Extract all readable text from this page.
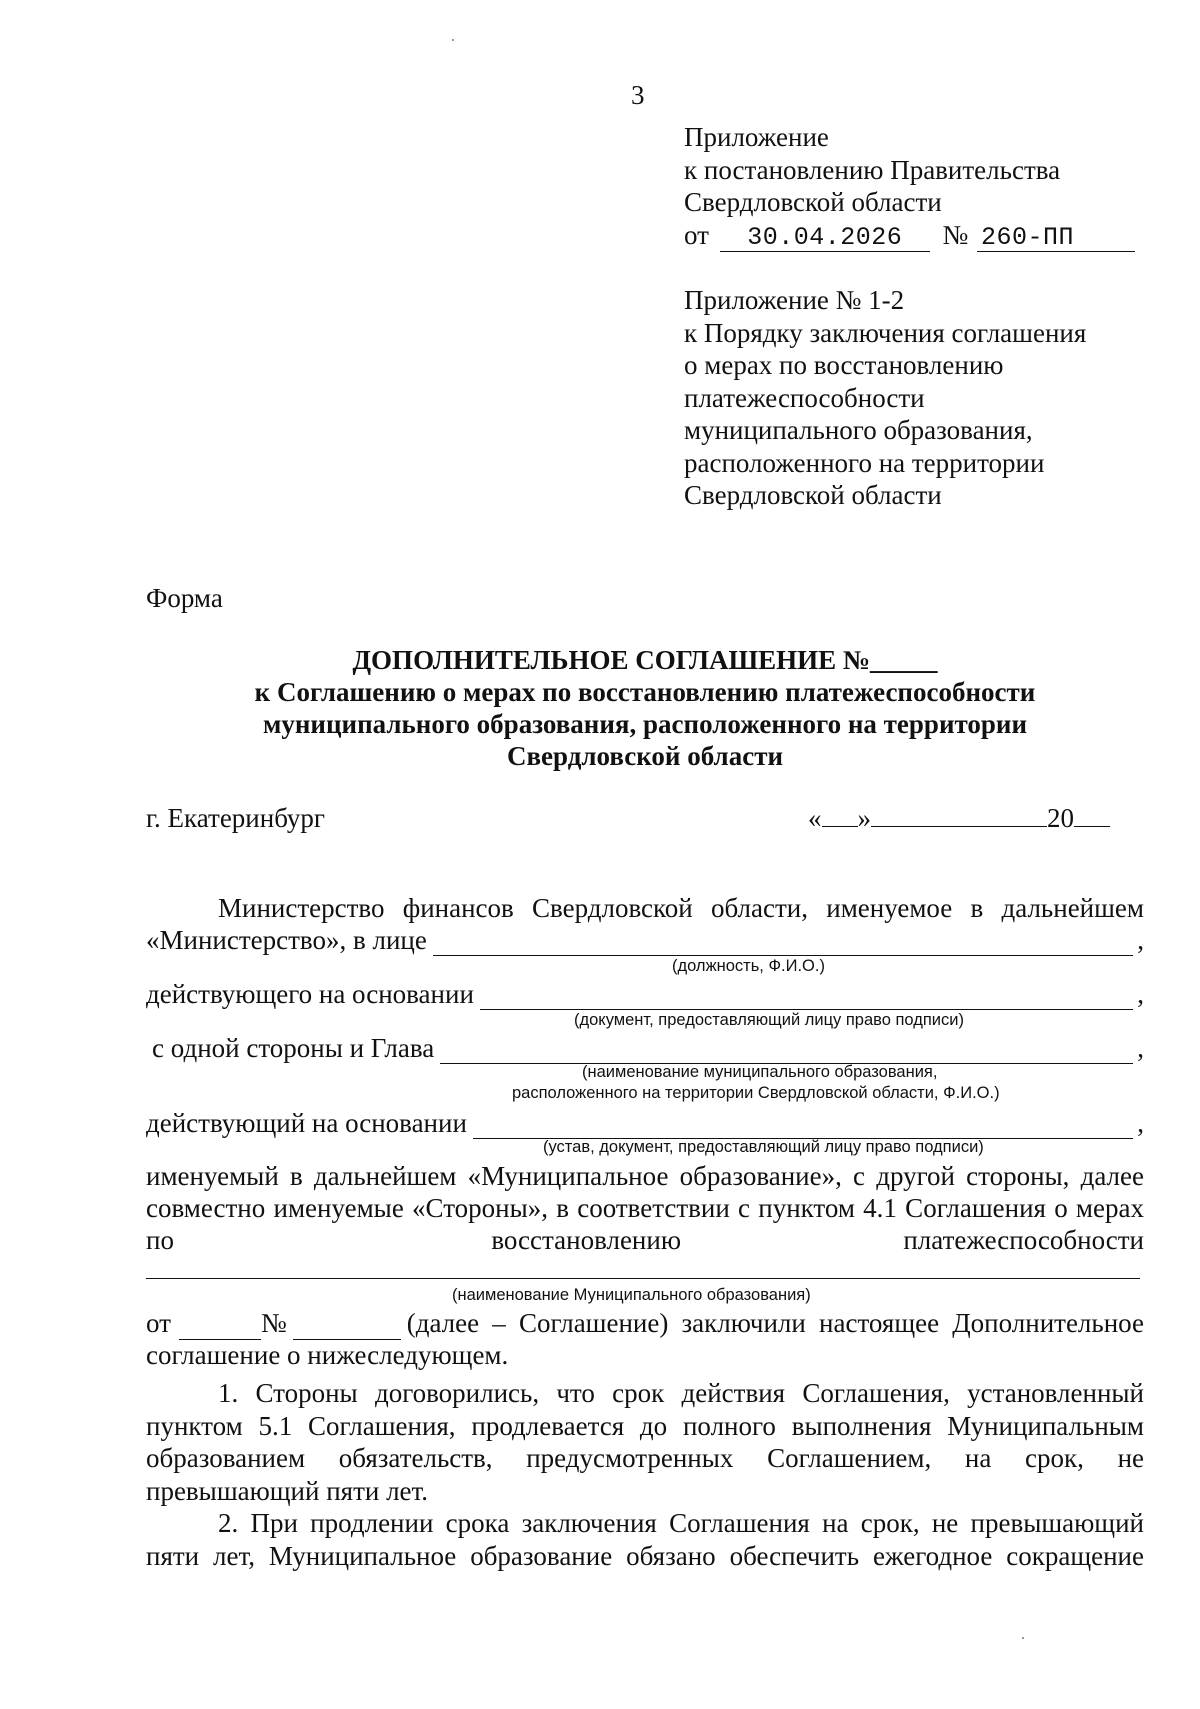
3
Приложение
к постановлению Правительства
Свердловской области
от 30.04.2026 № 260-ПП
Приложение № 1-2
к Порядку заключения соглашения
о мерах по восстановлению
платежеспособности
муниципального образования,
расположенного на территории
Свердловской области
Форма
ДОПОЛНИТЕЛЬНОЕ СОГЛАШЕНИЕ №_____
к Соглашению о мерах по восстановлению платежеспособности
муниципального образования, расположенного на территории
Свердловской области
г. Екатеринбург	« »	20
Министерство финансов Свердловской области, именуемое в дальнейшем
«Министерство», в лице	,
(должность, Ф.И.О.)
действующего на основании	,
(документ, предоставляющий лицу право подписи)
с одной стороны и Глава	,
(наименование муниципального образования,
расположенного на территории Свердловской области, Ф.И.О.)
действующий на основании	,
(устав, документ, предоставляющий лицу право подписи)
именуемый в дальнейшем «Муниципальное образование», с другой стороны, далее
совместно именуемые «Стороны», в соответствии с пунктом 4.1 Соглашения о мерах
по	восстановлению	платежеспособности
(наименование Муниципального образования)
от	№	(далее – Соглашение) заключили настоящее Дополнительное
соглашение о нижеследующем.
1. Стороны договорились, что срок действия Соглашения, установленный пунктом 5.1 Соглашения, продлевается до полного выполнения Муниципальным образованием обязательств, предусмотренных Соглашением, на срок, не превышающий пяти лет.
2. При продлении срока заключения Соглашения на срок, не превышающий пяти лет, Муниципальное образование обязано обеспечить ежегодное сокращение
